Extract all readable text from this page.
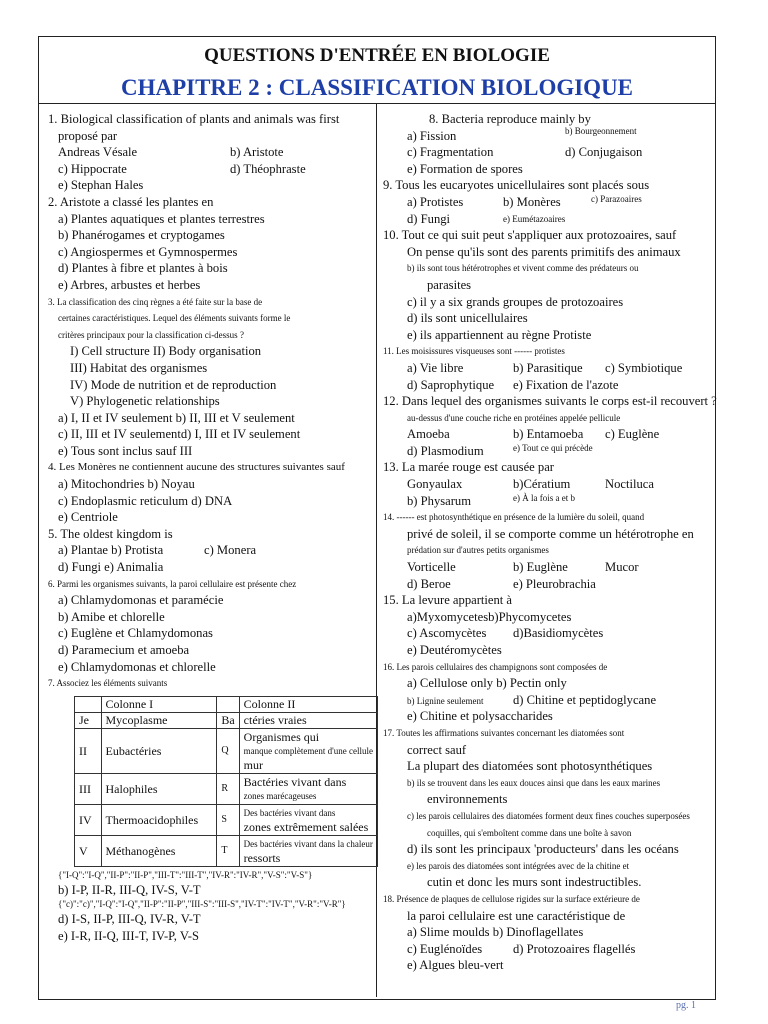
QUESTIONS D'ENTRÉE EN BIOLOGIE
CHAPITRE 2 : CLASSIFICATION BIOLOGIQUE
1. Biological classification of plants and animals was first
proposé par
Andreas Vésale	b) Aristote
c) Hippocrate	d) Théophraste
e) Stephan Hales
2. Aristote a classé les plantes en
a) Plantes aquatiques et plantes terrestres
b) Phanérogames et cryptogames
c) Angiospermes et Gymnospermes
d) Plantes à fibre et plantes à bois
e) Arbres, arbustes et herbes
3. La classification des cinq règnes a été faite sur la base de
certaines caractéristiques. Lequel des éléments suivants forme le
critères principaux pour la classification ci-dessus ?
I) Cell structure II) Body organisation
III) Habitat des organismes
IV) Mode de nutrition et de reproduction
V) Phylogenetic relationships
a) I, II et IV seulement b) II, III et V seulement
c) II, III et IV seulementd) I, III et IV seulement
e) Tous sont inclus sauf III
4. Les Monères ne contiennent aucune des structures suivantes sauf
a) Mitochondries b) Noyau
c) Endoplasmic reticulum d) DNA
e) Centriole
5. The oldest kingdom is
a) Plantae b) Protista	c) Monera
d) Fungi e) Animalia
6. Parmi les organismes suivants, la paroi cellulaire est présente chez
a) Chlamydomonas et paramécie
b) Amibe et chlorelle
c) Euglène et Chlamydomonas
d) Paramecium et amoeba
e) Chlamydomonas et chlorelle
7. Associez les éléments suivants
	Colonne I		Colonne II
Je	Mycoplasme	Ba	ctéries vraies
II	Eubactéries	Q	Organismes qui
manque complètement d'une cellule
mur

III	Halophiles	R	Bactéries vivant dans
zones marécageuses

IV	Thermoacidophiles	S	Des bactéries vivant dans
zones extrêmement salées

V	Méthanogènes	T	Des bactéries vivant dans la chaleur
ressorts
{"I-Q":"I-Q","II-P":"II-P","III-T":"III-T","IV-R":"IV-R","V-S":"V-S"}
b) I-P, II-R, III-Q, IV-S, V-T
{"c)":"c)","I-Q":"I-Q","II-P":"II-P","III-S":"III-S","IV-T":"IV-T","V-R":"V-R"}
d) I-S, II-P, III-Q, IV-R, V-T
e) I-R, II-Q, III-T, IV-P, V-S
8. Bacteria reproduce mainly by
a) Fission	b) Bourgeonnement
c) Fragmentation	d) Conjugaison
e) Formation de spores
9. Tous les eucaryotes unicellulaires sont placés sous
a) Protistes	b) Monères	c) Parazoaires
d) Fungi	e) Eumétazoaires
10. Tout ce qui suit peut s'appliquer aux protozoaires, sauf
On pense qu'ils sont des parents primitifs des animaux
b) ils sont tous hétérotrophes et vivent comme des prédateurs ou
parasites
c) il y a six grands groupes de protozoaires
d) ils sont unicellulaires
e) ils appartiennent au règne Protiste
11. Les moisissures visqueuses sont ------ protistes
a) Vie libre	b) Parasitique c) Symbiotique
d) Saprophytique e) Fixation de l'azote
12. Dans lequel des organismes suivants le corps est-il recouvert ?
au-dessus d'une couche riche en protéines appelée pellicule
Amoeba	b) Entamoeba c) Euglène
d) Plasmodium	e) Tout ce qui précède
13. La marée rouge est causée par
Gonyaulax	b)Cératium	Noctiluca
b) Physarum	e) À la fois a et b
14. ------ est photosynthétique en présence de la lumière du soleil, quand
privé de soleil, il se comporte comme un hétérotrophe en
prédation sur d'autres petits organismes
Vorticelle	b) Euglène	Mucor
d) Beroe	e) Pleurobrachia
15. La levure appartient à
a)Myxomycetesb)Phycomycetes
c) Ascomycètes d)Basidiomycètes
e) Deutéromycètes
16. Les parois cellulaires des champignons sont composées de
a) Cellulose only b) Pectin only
b) Lignine seulement d) Chitine et peptidoglycane
e) Chitine et polysaccharides
17. Toutes les affirmations suivantes concernant les diatomées sont
correct sauf
La plupart des diatomées sont photosynthétiques
b) ils se trouvent dans les eaux douces ainsi que dans les eaux marines
environnements
c) les parois cellulaires des diatomées forment deux fines couches superposées
coquilles, qui s'emboîtent comme dans une boîte à savon
d) ils sont les principaux 'producteurs' dans les océans
e) les parois des diatomées sont intégrées avec de la chitine et
cutin et donc les murs sont indestructibles.
18. Présence de plaques de cellulose rigides sur la surface extérieure de
la paroi cellulaire est une caractéristique de
a) Slime moulds b) Dinoflagellates
c) Euglénoïdes d) Protozoaires flagellés
e) Algues bleu-vert
pg. 1
